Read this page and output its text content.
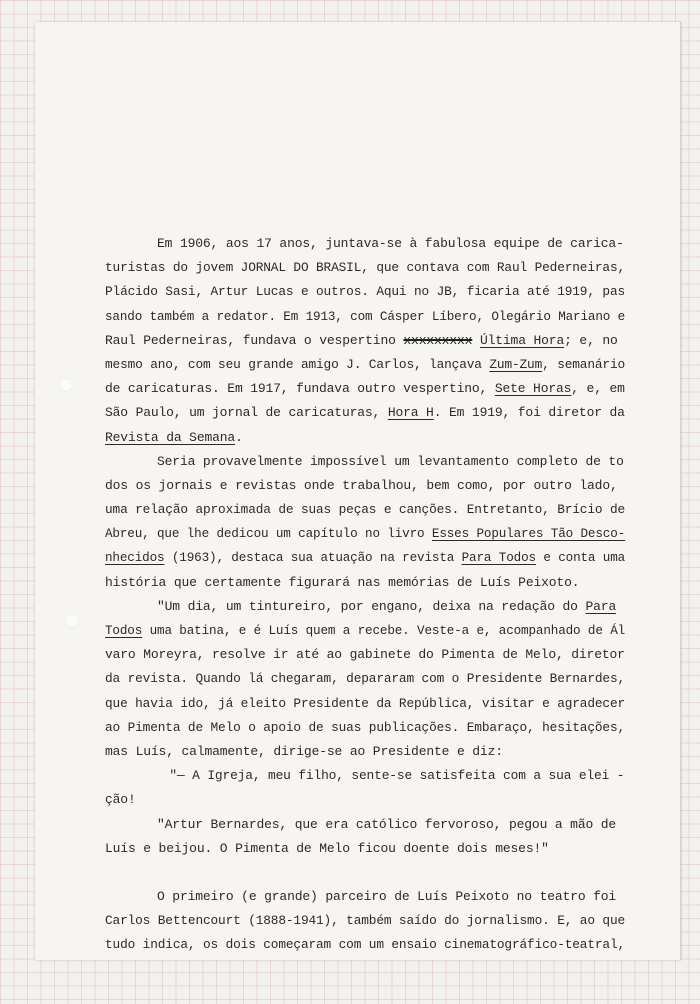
Em 1906, aos 17 anos, juntava-se à fabulosa equipe de carica-
turistas do jovem JORNAL DO BRASIL, que contava com Raul Pederneiras,
Plácido Sasi, Artur Lucas e outros. Aqui no JB, ficaria até 1919, pas
sando também a redator. Em 1913, com Cásper Líbero, Olegário Mariano e
Raul Pederneiras, fundava o vespertino xxxxxxxxx Última Hora; e, no
mesmo ano, com seu grande amigo J. Carlos, lançava Zum-Zum, semanário
de caricaturas. Em 1917, fundava outro vespertino, Sete Horas, e, em
São Paulo, um jornal de caricaturas, Hora H. Em 1919, foi diretor da
Revista da Semana.
Seria provavelmente impossível um levantamento completo de to
dos os jornais e revistas onde trabalhou, bem como, por outro lado,
uma relação aproximada de suas peças e canções. Entretanto, Brício de
Abreu, que lhe dedicou um capítulo no livro Esses Populares Tão Desco-
nhecidos (1963), destaca sua atuação na revista Para Todos e conta uma
história que certamente figurará nas memórias de Luís Peixoto.
"Um dia, um tintureiro, por engano, deixa na redação do Para
Todos uma batina, e é Luís quem a recebe. Veste-a e, acompanhado de Ál
varo Moreyra, resolve ir até ao gabinete do Pimenta de Melo, diretor
da revista. Quando lá chegaram, depararam com o Presidente Bernardes,
que havia ido, já eleito Presidente da República, visitar e agradecer
ao Pimenta de Melo o apoio de suas publicações. Embaraço, hesitações,
mas Luís, calmamente, dirige-se ao Presidente e diz:
"— A Igreja, meu filho, sente-se satisfeita com a sua elei -
ção!
"Artur Bernardes, que era católico fervoroso, pegou a mão de
Luís e beijou. O Pimenta de Melo ficou doente dois meses!"
O primeiro (e grande) parceiro de Luís Peixoto no teatro foi
Carlos Bettencourt (1888-1941), também saído do jornalismo. E, ao que
tudo indica, os dois começaram com um ensaio cinematográfico-teatral,
